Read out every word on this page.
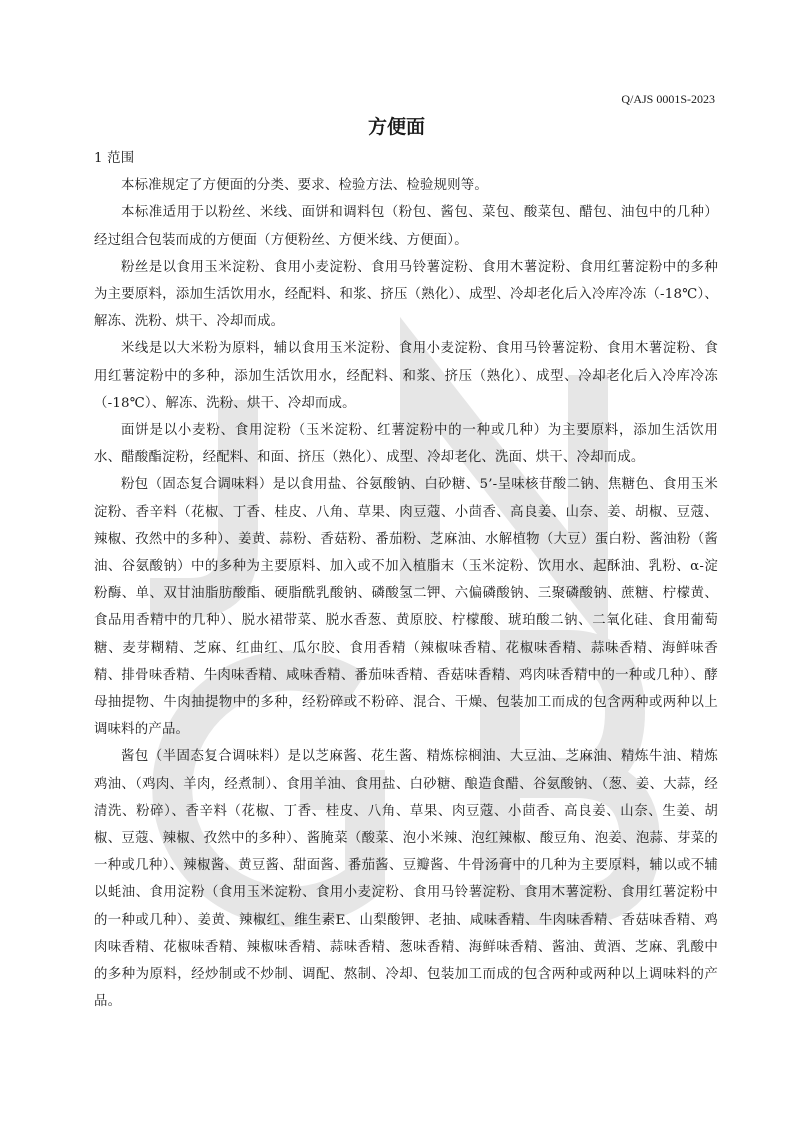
Q/AJS 0001S-2023
方便面
1 范围

本标准规定了方便面的分类、要求、检验方法、检验规则等。

本标准适用于以粉丝、米线、面饼和调料包（粉包、酱包、菜包、酸菜包、醋包、油包中的几种）经过组合包装而成的方便面（方便粉丝、方便米线、方便面）。

粉丝是以食用玉米淀粉、食用小麦淀粉、食用马铃薯淀粉、食用木薯淀粉、食用红薯淀粉中的多种为主要原料，添加生活饮用水，经配料、和浆、挤压（熟化）、成型、冷却老化后入冷库冷冻（-18℃）、解冻、洗粉、烘干、冷却而成。

米线是以大米粉为原料，辅以食用玉米淀粉、食用小麦淀粉、食用马铃薯淀粉、食用木薯淀粉、食用红薯淀粉中的多种，添加生活饮用水，经配料、和浆、挤压（熟化）、成型、冷却老化后入冷库冷冻（-18℃）、解冻、洗粉、烘干、冷却而成。

面饼是以小麦粉、食用淀粉（玉米淀粉、红薯淀粉中的一种或几种）为主要原料，添加生活饮用水、醋酸酯淀粉，经配料、和面、挤压（熟化）、成型、冷却老化、洗面、烘干、冷却而成。

粉包（固态复合调味料）是以食用盐、谷氨酸钠、白砂糖、5’-呈味核苷酸二钠、焦糖色、食用玉米淀粉、香辛料（花椒、丁香、桂皮、八角、草果、肉豆蔻、小茴香、高良姜、山奈、姜、胡椒、豆蔻、辣椒、孜然中的多种）、姜黄、蒜粉、香菇粉、番茄粉、芝麻油、水解植物（大豆）蛋白粉、酱油粉（酱油、谷氨酸钠）中的多种为主要原料、加入或不加入植脂末（玉米淀粉、饮用水、起酥油、乳粉、α-淀粉酶、单、双甘油脂肪酸酯、硬脂酰乳酸钠、磷酸氢二钾、六偏磷酸钠、三聚磷酸钠、蔗糖、柠檬黄、食品用香精中的几种）、脱水裙带菜、脱水香葱、黄原胶、柠檬酸、琥珀酸二钠、二氧化硅、食用葡萄糖、麦芽糊精、芝麻、红曲红、瓜尔胶、食用香精（辣椒味香精、花椒味香精、蒜味香精、海鲜味香精、排骨味香精、牛肉味香精、咸味香精、番茄味香精、香菇味香精、鸡肉味香精中的一种或几种）、酵母抽提物、牛肉抽提物中的多种，经粉碎或不粉碎、混合、干燥、包装加工而成的包含两种或两种以上调味料的产品。

酱包（半固态复合调味料）是以芝麻酱、花生酱、精炼棕榈油、大豆油、芝麻油、精炼牛油、精炼鸡油、（鸡肉、羊肉，经煮制）、食用羊油、食用盐、白砂糖、酿造食醋、谷氨酸钠、（葱、姜、大蒜，经清洗、粉碎）、香辛料（花椒、丁香、桂皮、八角、草果、肉豆蔻、小茴香、高良姜、山奈、生姜、胡椒、豆蔻、辣椒、孜然中的多种）、酱腌菜（酸菜、泡小米辣、泡红辣椒、酸豆角、泡姜、泡蒜、芽菜的一种或几种）、辣椒酱、黄豆酱、甜面酱、番茄酱、豆瓣酱、牛骨汤膏中的几种为主要原料，辅以或不辅以蚝油、食用淀粉（食用玉米淀粉、食用小麦淀粉、食用马铃薯淀粉、食用木薯淀粉、食用红薯淀粉中的一种或几种）、姜黄、辣椒红、维生素E、山梨酸钾、老抽、咸味香精、牛肉味香精、香菇味香精、鸡肉味香精、花椒味香精、辣椒味香精、蒜味香精、葱味香精、海鲜味香精、酱油、黄酒、芝麻、乳酸中的多种为原料，经炒制或不炒制、调配、熬制、冷却、包装加工而成的包含两种或两种以上调味料的产品。
